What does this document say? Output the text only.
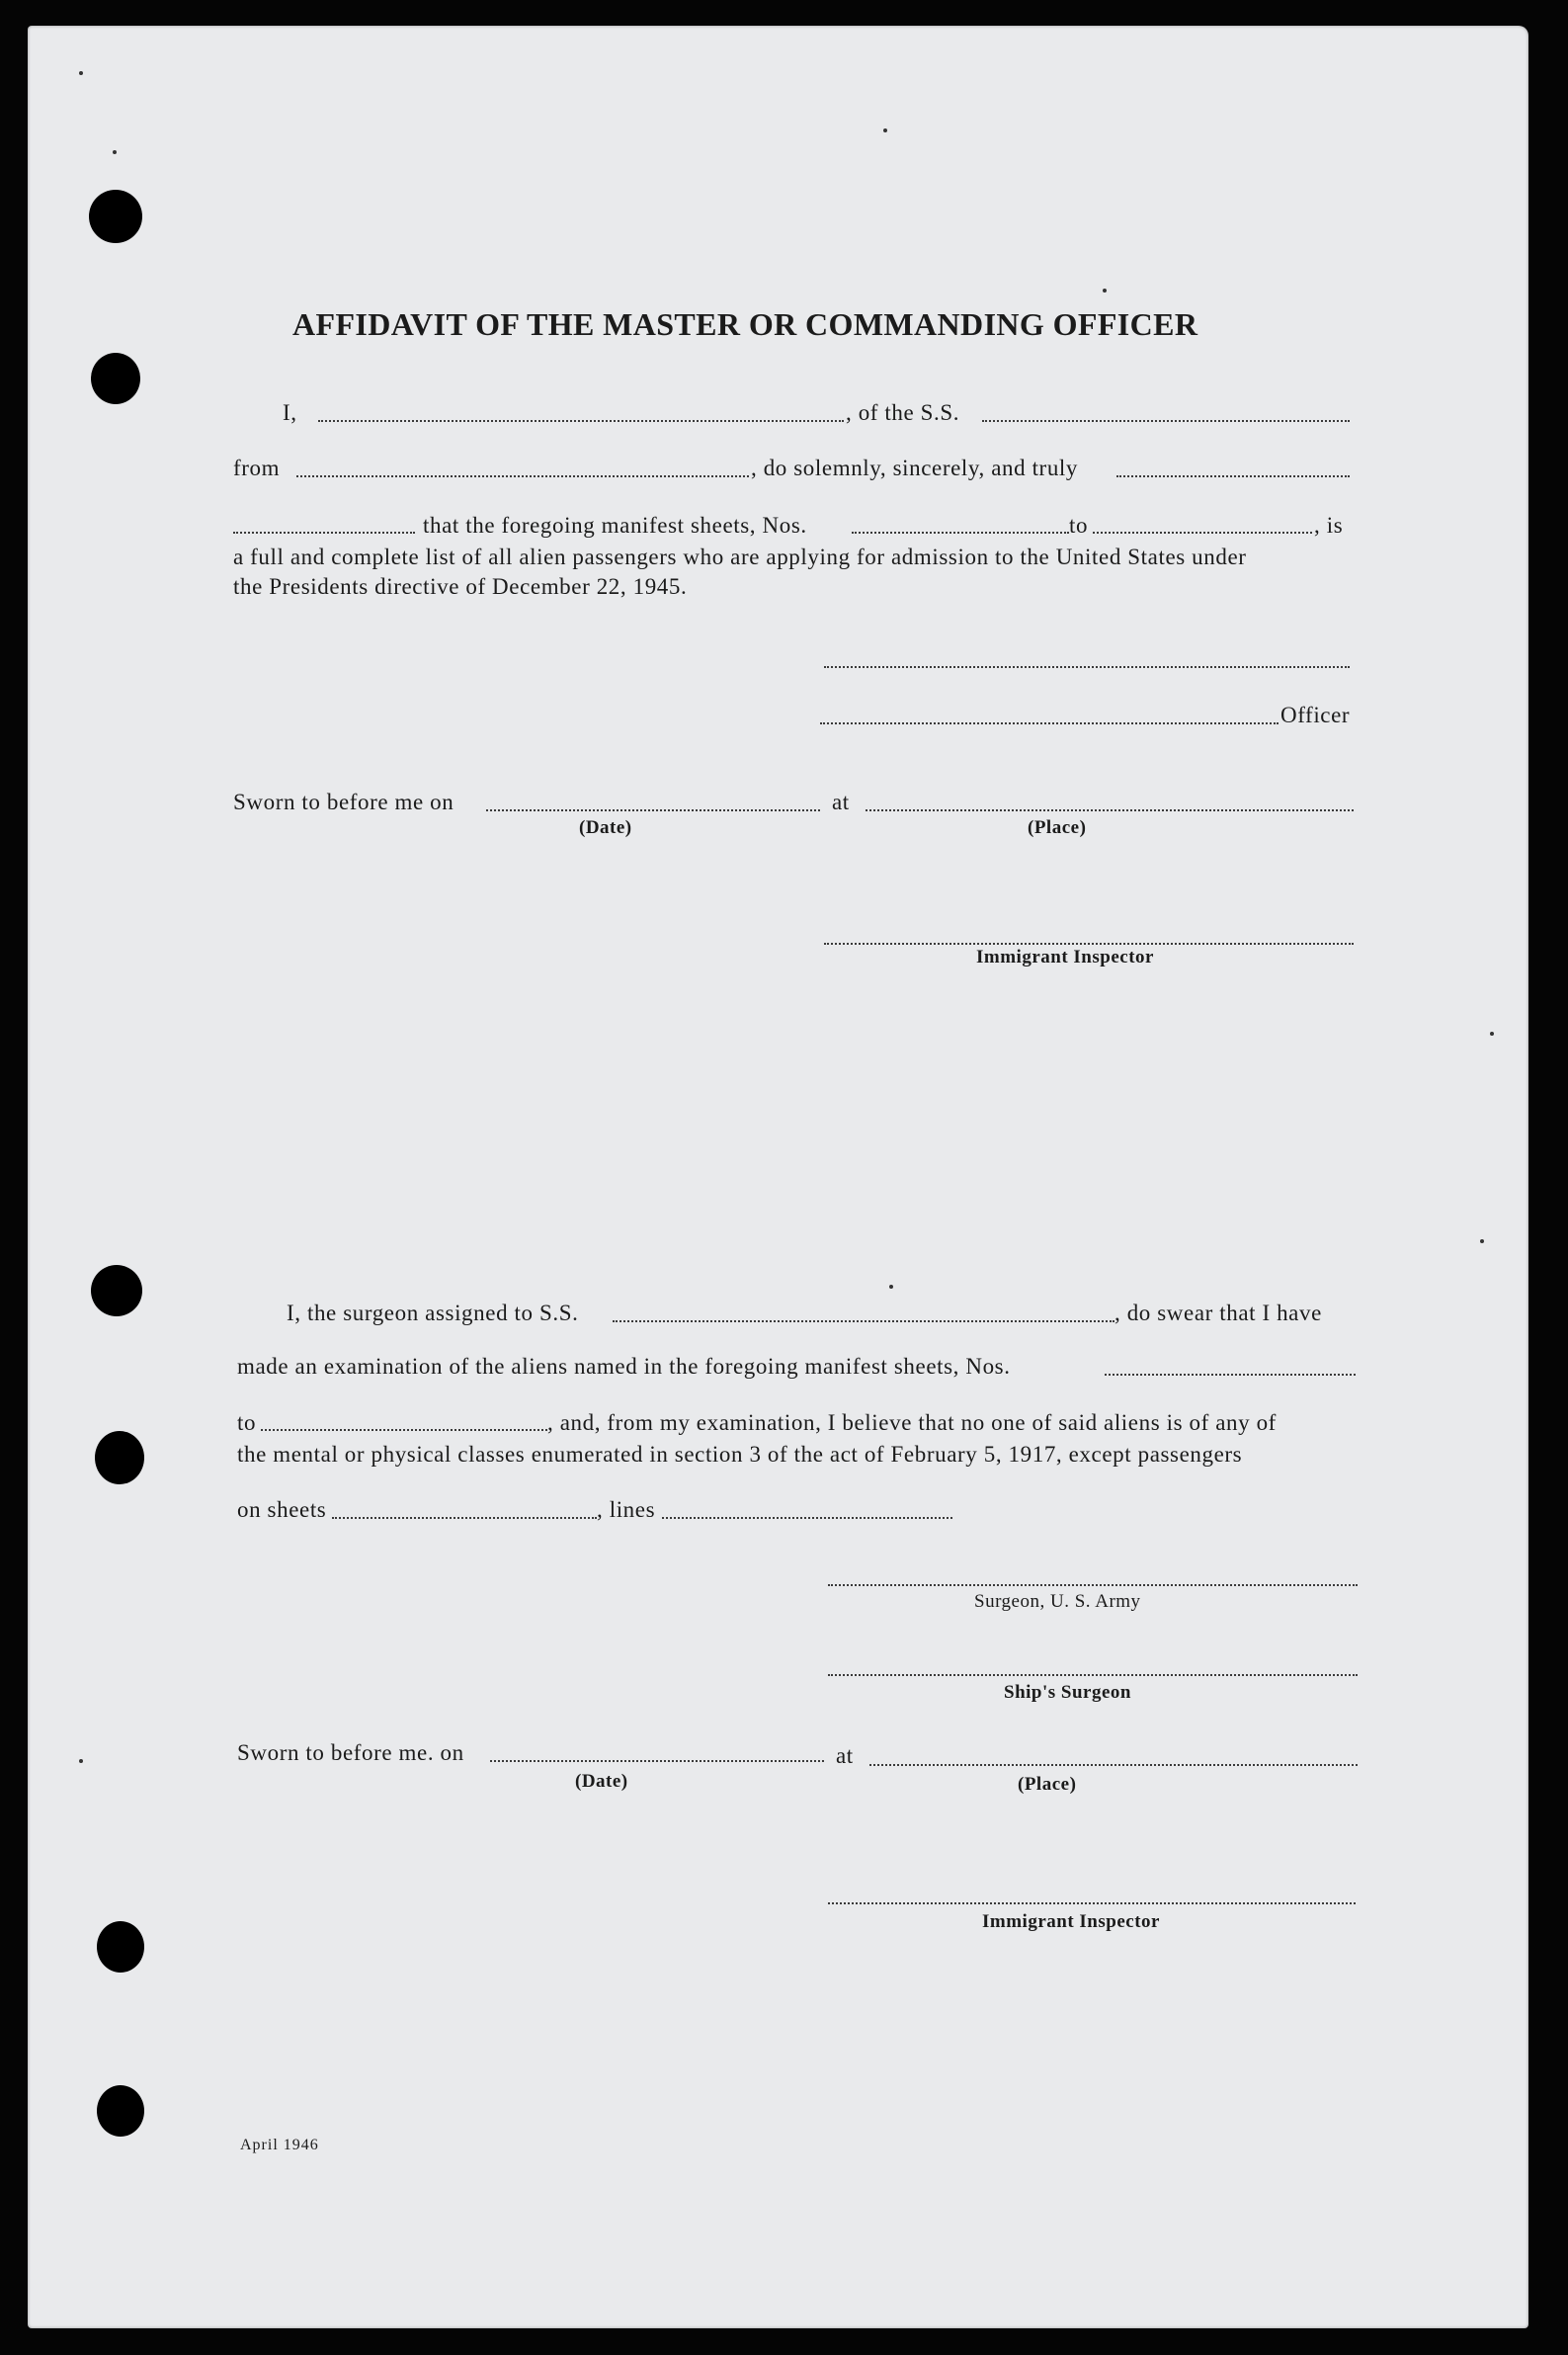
AFFIDAVIT OF THE MASTER OR COMMANDING OFFICER
I,	, of the S.S.
from	, do solemnly, sincerely, and truly
that the foregoing manifest sheets, Nos.	to	, is
a full and complete list of all alien passengers who are applying for admission to the United States under
the Presidents directive of December 22, 1945.
Officer
Sworn to before me on	at
(Date)	(Place)
Immigrant Inspector
I, the surgeon assigned to S.S.	, do swear that I have
made an examination of the aliens named in the foregoing manifest sheets, Nos.
to	, and, from my examination, I believe that no one of said aliens is of any of
the mental or physical classes enumerated in section 3 of the act of February 5, 1917, except passengers
on sheets	, lines
Surgeon, U. S. Army
Ship's Surgeon
Sworn to before me. on	at
(Date)	(Place)
Immigrant Inspector
April 1946
